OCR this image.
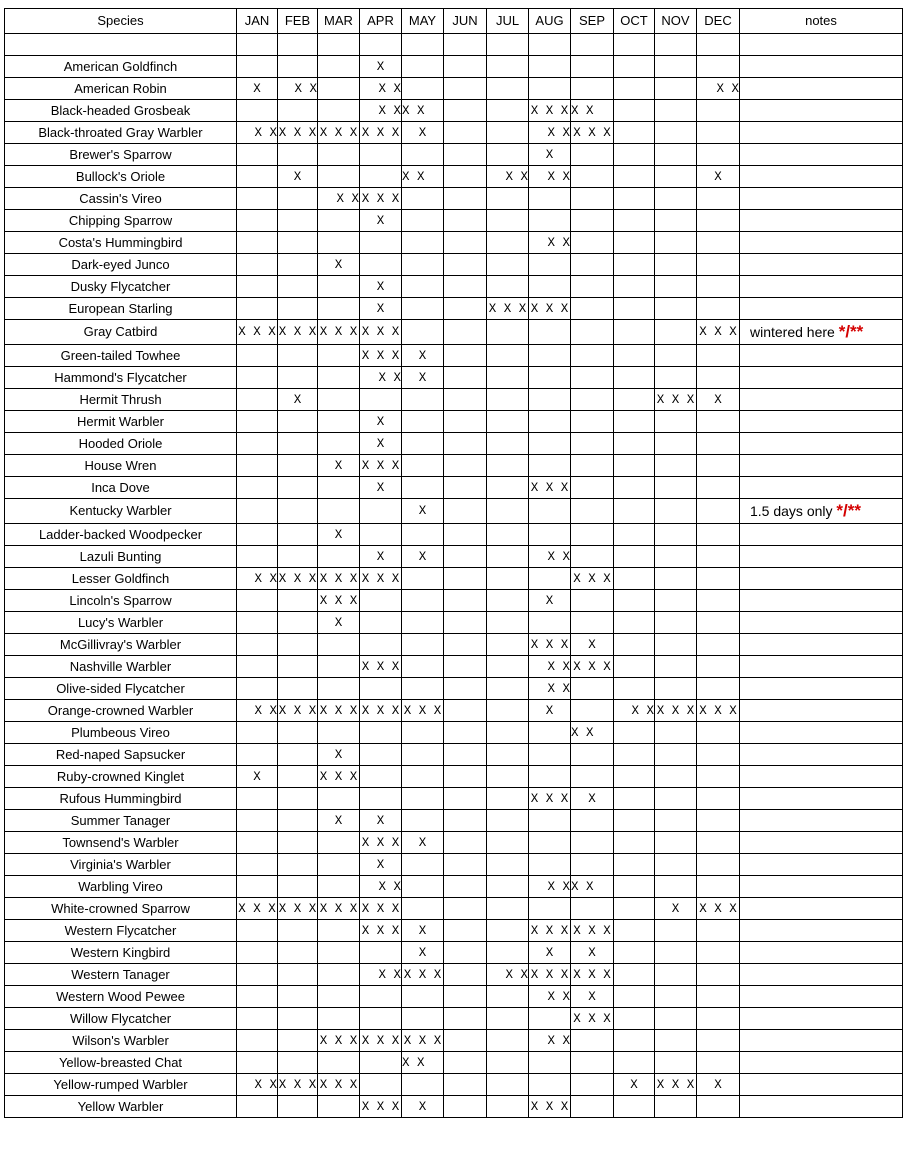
Species	JAN	FEB	MAR	APR	MAY	JUN	JUL	AUG	SEP	OCT	NOV	DEC	notes

American Goldfinch				X									
American Robin	X	X X		X X								X X	
Black-headed Grosbeak				X X	X X			X X X	X X				
Black-throated Gray Warbler	X X	X X X	X X X	X X X	X			X X	X X X				
Brewer's Sparrow								X					
Bullock's Oriole		X			X X		X X	X X				X	
Cassin's Vireo			X X	X X X									
Chipping Sparrow				X									
Costa's Hummingbird								X X					
Dark-eyed Junco			X										
Dusky Flycatcher				X									
European Starling				X			X X X	X X X					
Gray Catbird	X X X	X X X	X X X	X X X								X X X	wintered here */**
Green-tailed Towhee				X X X	X								
Hammond's Flycatcher				X X	X								
Hermit Thrush		X									X X X	X	
Hermit Warbler				X									
Hooded Oriole				X									
House Wren			X	X X X									
Inca Dove				X				X X X					
Kentucky Warbler					X								1.5 days only */**
Ladder-backed Woodpecker			X										
Lazuli Bunting				X	X			X X					
Lesser Goldfinch	X X	X X X	X X X	X X X					X X X				
Lincoln's Sparrow			X X X					X					
Lucy's Warbler			X										
McGillivray's Warbler								X X X	X				
Nashville Warbler				X X X				X X	X X X				
Olive-sided Flycatcher								X X					
Orange-crowned Warbler	X X	X X X	X X X	X X X	X X X			X		X X	X X X	X X X	
Plumbeous Vireo									X X				
Red-naped Sapsucker			X										
Ruby-crowned Kinglet	X		X X X										
Rufous Hummingbird								X X X	X				
Summer Tanager			X	X									
Townsend's Warbler				X X X	X								
Virginia's Warbler				X									
Warbling Vireo				X X				X X	X X				
White-crowned Sparrow	X X X	X X X	X X X	X X X							X	X X X	
Western Flycatcher				X X X	X			X X X	X X X				
Western Kingbird					X			X	X				
Western Tanager				X X	X X X		X X	X X X	X X X				
Western Wood Pewee								X X	X				
Willow Flycatcher									X X X				
Wilson's Warbler			X X X	X X X	X X X			X X					
Yellow-breasted Chat					X X								
Yellow-rumped Warbler	X X	X X X	X X X							X	X X X	X	
Yellow Warbler				X X X	X			X X X					
